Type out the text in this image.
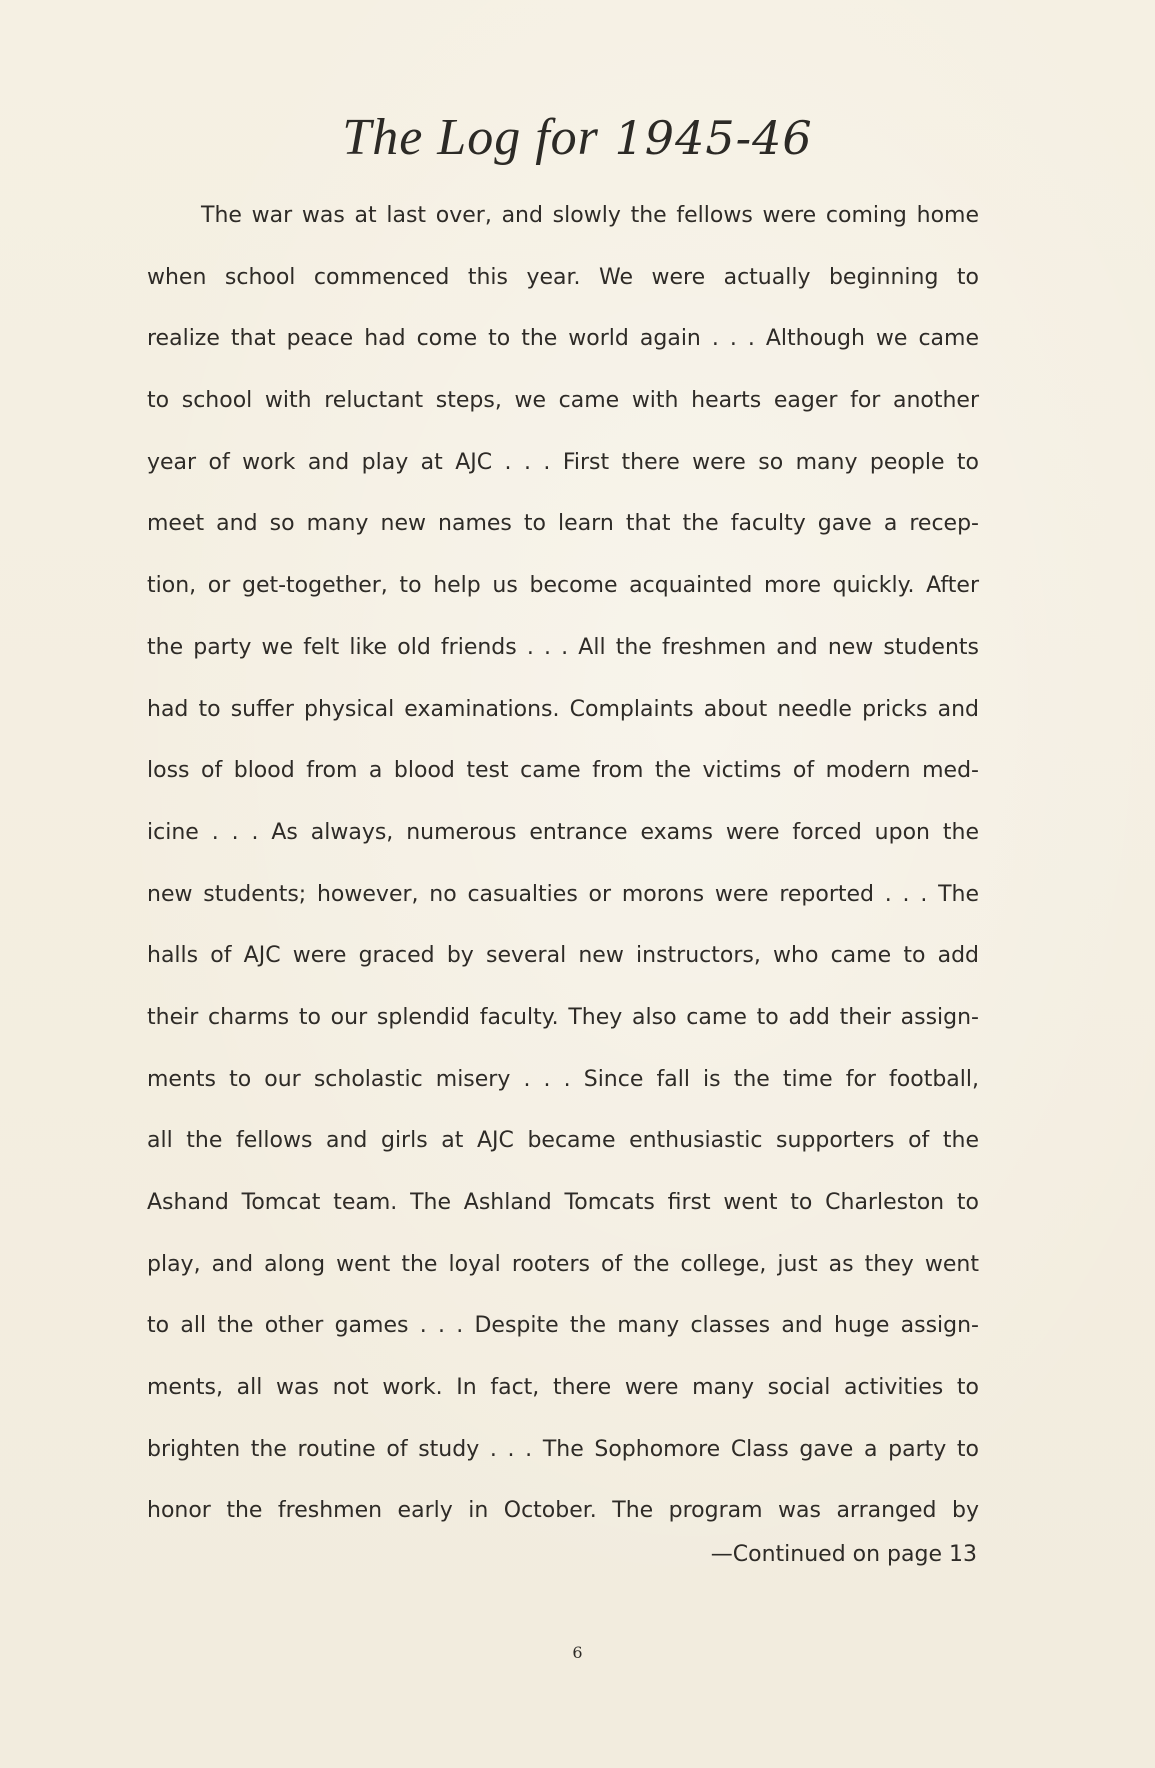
The Log for 1945-46
The war was at last over, and slowly the fellows were coming home
when school commenced this year. We were actually beginning to
realize that peace had come to the world again . . . Although we came
to school with reluctant steps, we came with hearts eager for another
year of work and play at AJC . . . First there were so many people to
meet and so many new names to learn that the faculty gave a recep-
tion, or get-together, to help us become acquainted more quickly. After
the party we felt like old friends . . . All the freshmen and new students
had to suffer physical examinations. Complaints about needle pricks and
loss of blood from a blood test came from the victims of modern med-
icine . . . As always, numerous entrance exams were forced upon the
new students; however, no casualties or morons were reported . . . The
halls of AJC were graced by several new instructors, who came to add
their charms to our splendid faculty. They also came to add their assign-
ments to our scholastic misery . . . Since fall is the time for football,
all the fellows and girls at AJC became enthusiastic supporters of the
Ashand Tomcat team. The Ashland Tomcats first went to Charleston to
play, and along went the loyal rooters of the college, just as they went
to all the other games . . . Despite the many classes and huge assign-
ments, all was not work. In fact, there were many social activities to
brighten the routine of study . . . The Sophomore Class gave a party to
honor the freshmen early in October. The program was arranged by
—Continued on page 13
6
